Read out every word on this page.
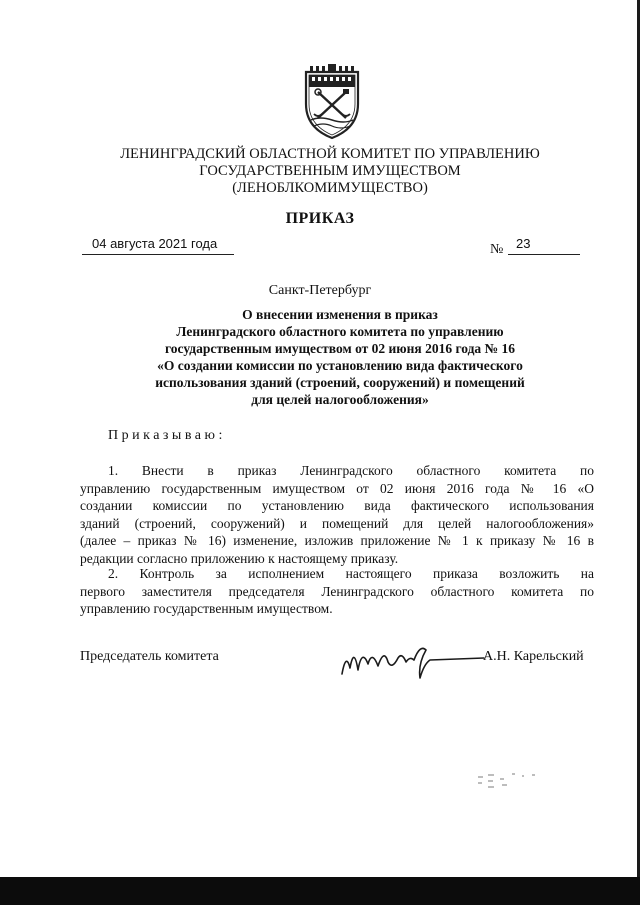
ЛЕНИНГРАДСКИЙ ОБЛАСТНОЙ КОМИТЕТ ПО УПРАВЛЕНИЮ
ГОСУДАРСТВЕННЫМ ИМУЩЕСТВОМ
(ЛЕНОБЛКОМИМУЩЕСТВО)
ПРИКАЗ
04 августа 2021 года	№ 23
Санкт-Петербург
О внесении изменения в приказ
Ленинградского областного комитета по управлению
государственным имуществом от 02 июня 2016 года № 16
«О создании комиссии по установлению вида фактического
использования зданий (строений, сооружений) и помещений
для целей налогообложения»
Приказываю:
1. Внести в приказ Ленинградского областного комитета по
управлению государственным имуществом от 02 июня 2016 года № 16 «О
создании комиссии по установлению вида фактического использования
зданий (строений, сооружений) и помещений для целей налогообложения»
(далее – приказ № 16) изменение, изложив приложение № 1 к приказу № 16 в
редакции согласно приложению к настоящему приказу.
2. Контроль за исполнением настоящего приказа возложить на
первого заместителя председателя Ленинградского областного комитета по
управлению государственным имуществом.
Председатель комитета	А.Н. Карельский
